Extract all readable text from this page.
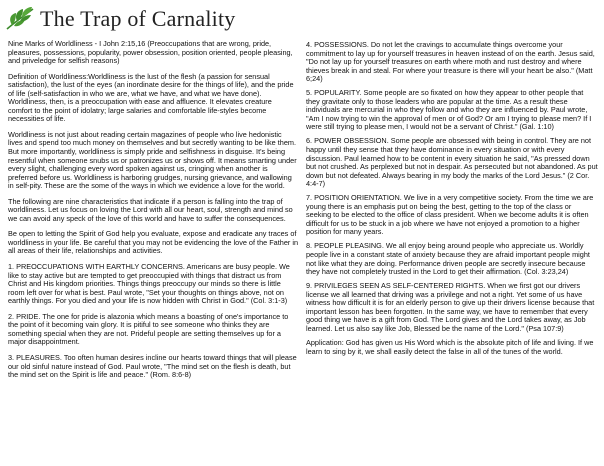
The Trap of Carnality

Nine Marks of Worldliness - I John 2:15,16 (Preoccupations that are wrong, pride, pleasures, possessions, popularity, power obsession, position oriented, people pleasing, and priveledge for selfish reasons)

Definition of Worldliness:Worldliness is the lust of the flesh (a passion for sensual satisfaction), the lust of the eyes (an inordinate desire for the things of life), and the pride of life (self-satisfaction in who we are, what we have, and what we have done). Worldliness, then, is a preoccupation with ease and affluence. It elevates creature comfort to the point of idolatry; large salaries and comfortable life-styles become necessities of life.

Worldliness is not just about reading certain magazines of people who live hedonistic lives and spend too much money on themselves and but secretly wanting to be like them. But more importantly, worldliness is simply pride and selfishness in disguise. It's being resentful when someone snubs us or patronizes us or shows off. It means smarting under every slight, challenging every word spoken against us, cringing when another is preferred before us. Worldliness is harboring grudges, nursing grievance, and wallowing in self-pity. These are the some of the ways in which we evidence a love for the world.

The following are nine characteristics that indicate if a person is falling into the trap of worldliness. Let us focus on loving the Lord with all our heart, soul, strength and mind so we can avoid any speck of the love of this world and have to suffer the consequences.

Be open to letting the Spirit of God help you evaluate, expose and eradicate any traces of worldliness in your life. Be careful that you may not be evidencing the love of the Father in all areas of their life, relationships and activities.

1. PREOCCUPATIONS WITH EARTHLY CONCERNS. Americans are busy people. We like to stay active but are tempted to get preoccupied with things that distract us from Christ and His kingdom priorities. Things things preoccupy our minds so there is little room left over for what is best. Paul wrote, "Set your thoughts on things above, not on earthly things. For you died and your life is now hidden with Christ in God." (Col. 3:1-3)

2. PRIDE. The one for pride is alazonia which means a boasting of one's importance to the point of it becoming vain glory. It is pitiful to see someone who thinks they are something special when they are not. Prideful people are setting themselves up for a major disappointment.

3. PLEASURES. Too often human desires incline our hearts toward things that will please our old sinful nature instead of God. Paul wrote, "The mind set on the flesh is death, but the mind set on the Spirit is life and peace." (Rom. 8:6-8)

4. POSSESSIONS. Do not let the cravings to accumulate things overcome your commitment to lay up for yourself treasures in heaven instead of on the earth. Jesus said, "Do not lay up for yourself treasures on earth where moth and rust destroy and where thieves break in and steal. For where your treasure is there will your heart be also." (Matt 6;24)

5. POPULARITY. Some people are so fixated on how they appear to other people that they gravitate only to those leaders who are popular at the time. As a result these individuals are mercurial in who they follow and who they are influenced by. Paul wrote, "Am I now trying to win the approval of men or of God? Or am I trying to please men? If I were still trying to please men, I would not be a servant of Christ." (Gal. 1:10)

6. POWER OBSESSION. Some people are obsessed with being in control. They are not happy until they sense that they have dominance in every situation or with every discussion. Paul learned how to be content in every situation he said, "As pressed down but not crushed. As perplexed but not in despair. As persecuted but not abandoned. As put down but not defeated. Always bearing in my body the marks of the Lord Jesus." (2 Cor. 4:4-7)

7. POSITION ORIENTATION. We live in a very competitive society. From the time we are young there is an emphasis put on being the best, getting to the top of the class or seeking to be elected to the office of class president. When we become adults it is often difficult for us to be stuck in a job where we have not enjoyed a promotion to a higher position for many years.

8. PEOPLE PLEASING. We all enjoy being around people who appreciate us. Worldly people live in a constant state of anxiety because they are afraid important people might not like what they are doing. Performance driven people are secretly insecure because they have not completely trusted in the Lord to get their affirmation. (Col. 3:23,24)

9. PRIVILEGES SEEN AS SELF-CENTERED RIGHTS. When we first got our drivers license we all learned that driving was a privilege and not a right. Yet some of us have witness how difficult it is for an elderly person to give up their drivers license because that important lesson has been forgotten. In the same way, we have to remember that every good thing we have is a gift from God. The Lord gives and the Lord takes away, as Job learned. Let us also say like Job, Blessed be the name of the Lord." (Psa 107:9)

Application: God has given us His Word which is the absolute pitch of life and living. If we learn to sing by it, we shall easily detect the false in all of the tunes of the world.
